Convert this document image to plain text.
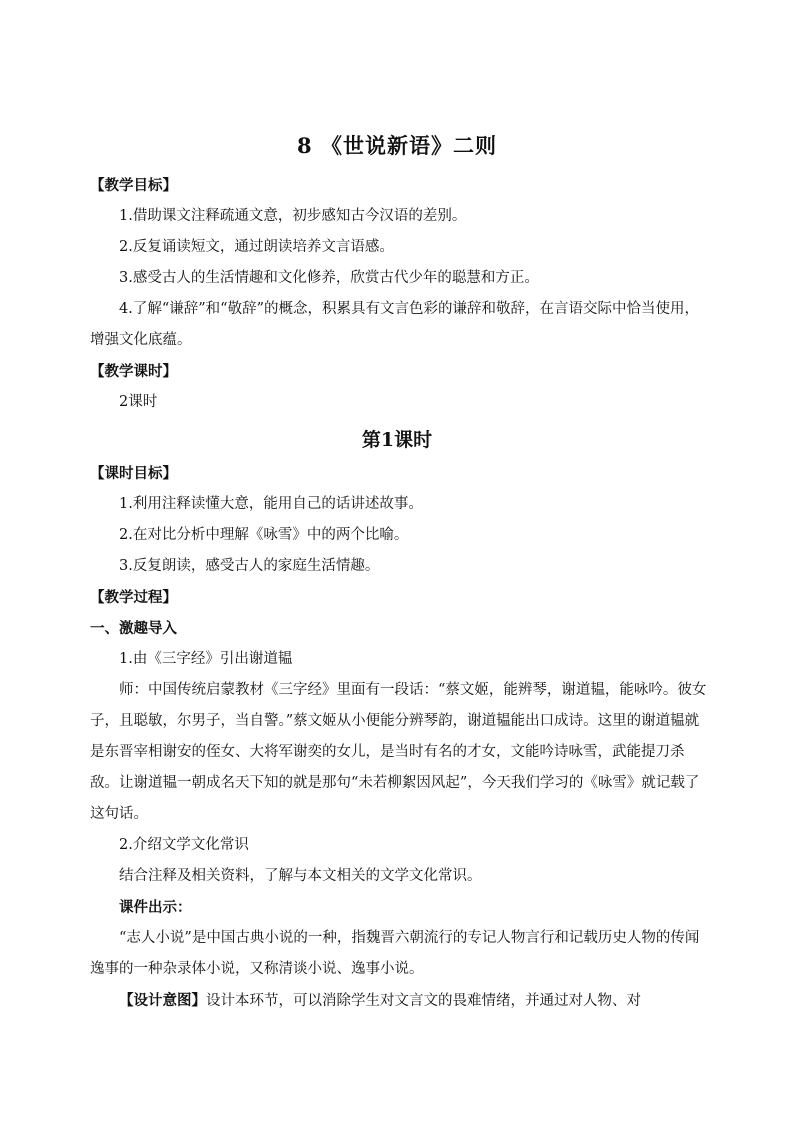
8 《世说新语》二则

【教学目标】

1.借助课文注释疏通文意，初步感知古今汉语的差别。

2.反复诵读短文，通过朗读培养文言语感。

3.感受古人的生活情趣和文化修养，欣赏古代少年的聪慧和方正。

4.了解“谦辞”和“敬辞”的概念，积累具有文言色彩的谦辞和敬辞，在言语交际中恰当使用，增强文化底蕴。

【教学课时】

2课时

第1课时

【课时目标】

1.利用注释读懂大意，能用自己的话讲述故事。

2.在对比分析中理解《咏雪》中的两个比喻。

3.反复朗读，感受古人的家庭生活情趣。

【教学过程】

一、激趣导入

1.由《三字经》引出谢道韫

师：中国传统启蒙教材《三字经》里面有一段话：“蔡文姬，能辨琴，谢道韫，能咏吟。彼女子，且聪敏，尔男子，当自警。”蔡文姬从小便能分辨琴韵，谢道韫能出口成诗。这里的谢道韫就是东晋宰相谢安的侄女、大将军谢奕的女儿，是当时有名的才女，文能吟诗咏雪，武能提刀杀敌。让谢道韫一朝成名天下知的就是那句“未若柳絮因风起”，今天我们学习的《咏雪》就记载了这句话。

2.介绍文学文化常识

结合注释及相关资料，了解与本文相关的文学文化常识。

课件出示：

“志人小说”是中国古典小说的一种，指魏晋六朝流行的专记人物言行和记载历史人物的传闻逸事的一种杂录体小说，又称清谈小说、逸事小说。

【设计意图】设计本环节，可以消除学生对文言文的畏难情绪，并通过对人物、对
